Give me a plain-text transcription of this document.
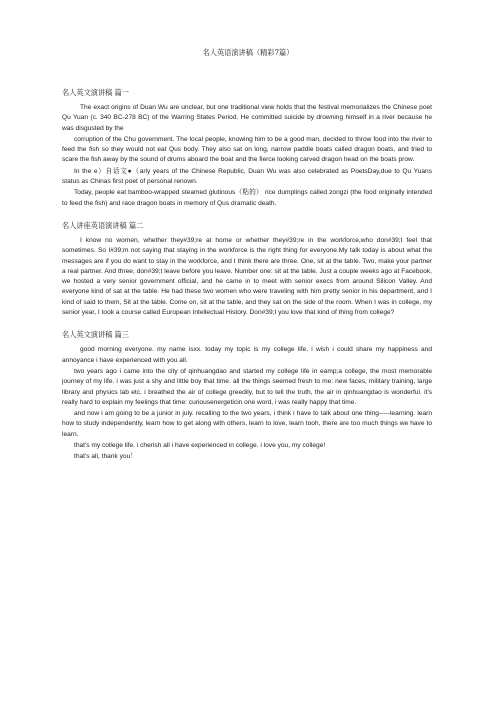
名人英语演讲稿（精彩7篇）
名人英文演讲稿 篇一

The exact origins of Duan Wu are unclear, but one traditional view holds that the festival memorializes the Chinese poet Qu Yuan (c. 340 BC-278 BC) of the Warring States Period. He committed suicide by drowning himself in a river because he was disgusted by the

corruption of the Chu government. The local people, knowing him to be a good man, decided to throw food into the river to feed the fish so they would not eat Qus body. They also sat on long, narrow paddle boats called dragon boats, and tried to scare the fish away by the sound of drums aboard the boat and the fierce looking carved dragon head on the boats prow.

In the e）自话文●（arly years of the Chinese Republic, Duan Wu was also celebrated as PoetsDay,due to Qu Yuans status as Chinas first poet of personal renown.

Today, people eat bamboo-wrapped steamed glutinous（粘的） rice dumplings called zongzi (the food originally intended to feed the fish) and race dragon boats in memory of Qus dramatic death.

名人讲座英语演讲稿 篇二

I know no women, whether they#39;re at home or whether they#39;re in the workforce,who don#39;t feel that sometimes. So I#39;m not saying that staying in the workforce is the right thing for everyone.My talk today is about what the messages are if you do want to stay in the workforce, and I think there are three. One, sit at the table. Two, make your partner a real partner. And three, don#39;t leave before you leave. Number one: sit at the table. Just a couple weeks ago at Facebook, we hosted a very senior government official, and he came in to meet with senior execs from around Silicon Valley. And everyone kind of sat at the table. He had these two women who were traveling with him pretty senior in his department, and I kind of said to them, Sit at the table. Come on, sit at the table, and they sat on the side of the room. When I was in college, my senior year, I took a course called European Intellectual History. Don#39;t you love that kind of thing from college?

名人英文演讲稿 篇三

good morning everyone. my name isxx. today my topic is my college life. i wish i could share my happiness and annoyance i have experienced with you all.

two years ago i came into the city of qinhuangdao and started my college life in eamp;a college, the most memorable journey of my life. i was just a shy and little boy that time. all the things seemed fresh to me: new faces, military training, large library and physics lab etc. i breathed the air of college greedily, but to tell the truth, the air in qinhuangdao is wonderful. it's really hard to explain my feelings that time: curiousenergeticin one word, i was really happy that time.

and now i am going to be a junior in july. recalling to the two years, i think i have to talk about one thing-----learning. learn how to study independently, learn how to get along with others, learn to love, learn tooh, there are too much things we have to learn.

that's my college life. i cherish all i have experienced in college. i love you, my college!

that's all, thank you！
